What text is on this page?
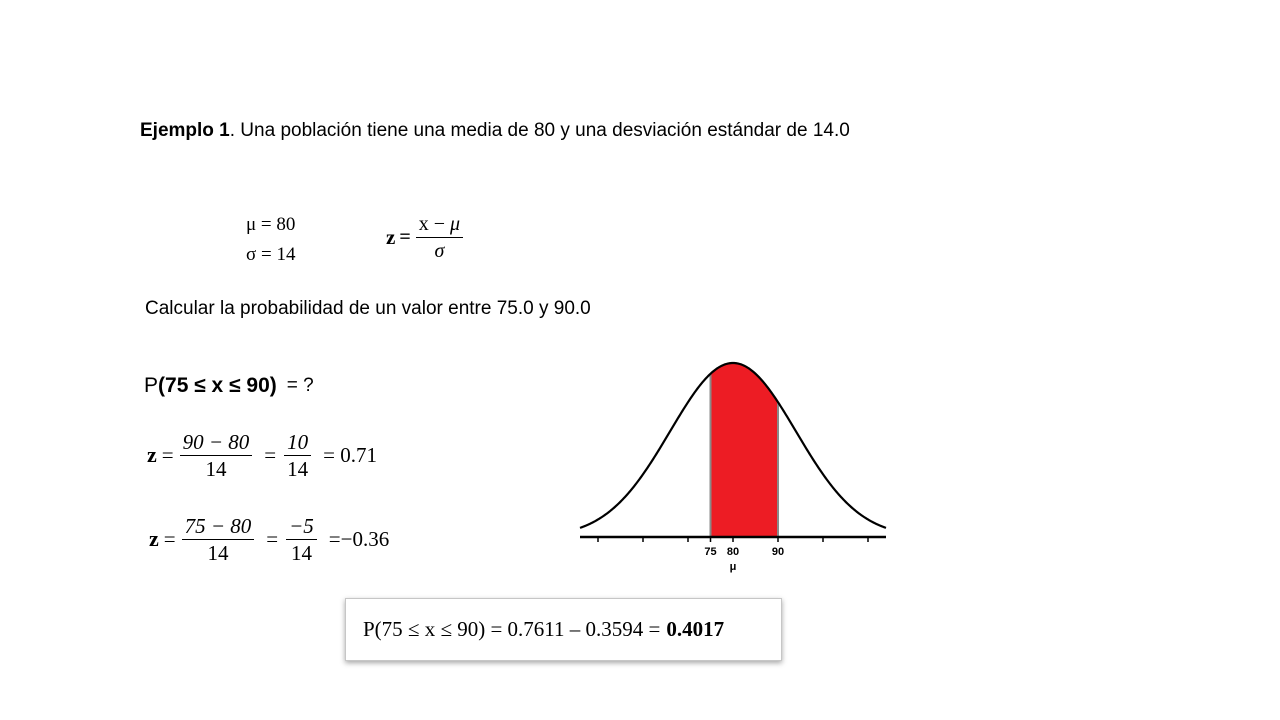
Ejemplo 1. Una población tiene una media de 80 y una desviación estándar de 14.0
μ = 80
σ = 14
$z = \frac{x - \mu}{\sigma}$
Calcular la probabilidad de un valor entre 75.0 y 90.0
P (75 ≤ x ≤ 90) = ?
$z = \frac{90 - 80}{14} = \frac{10}{14} = 0.71$
$z = \frac{75 - 80}{14} = \frac{-5}{14} =-0.36$
75 80	90
μ
P(75 ≤ x ≤ 90) = 0.7611 – 0.3594 = 0.4017
